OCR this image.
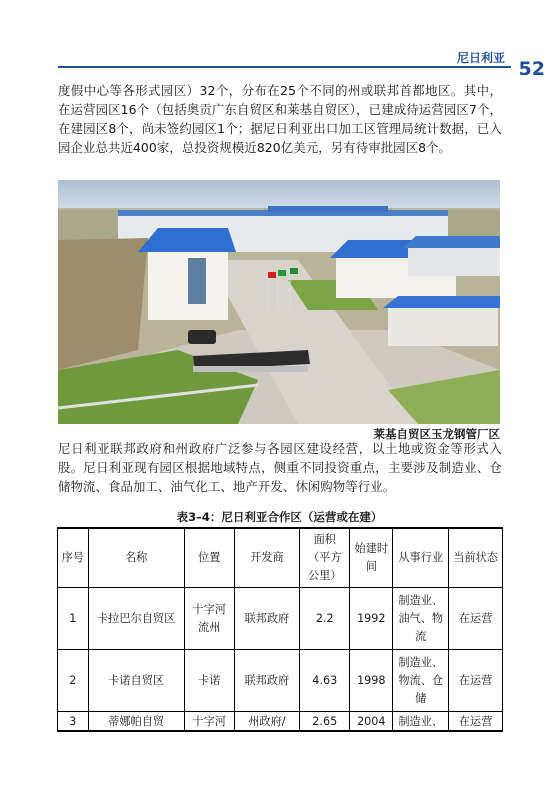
尼日利亚 52

度假中心等各形式园区）32个，分布在25个不同的州或联邦首都地区。其中，在运营园区16个（包括奥贡广东自贸区和莱基自贸区），已建成待运营园区7个，在建园区8个，尚未签约园区1个；据尼日利亚出口加工区管理局统计数据，已入园企业总共近400家，总投资规模近820亿美元，另有待审批园区8个。

莱基自贸区玉龙钢管厂区

尼日利亚联邦政府和州政府广泛参与各园区建设经营，以土地或资金等形式入股。尼日利亚现有园区根据地域特点，侧重不同投资重点，主要涉及制造业、仓储物流、食品加工、油气化工、地产开发、休闲购物等行业。

表3–4：尼日利亚合作区（运营或在建）
序号	名称	位置	开发商	面积（平方公里）	始建时间	从事行业	当前状态
1	卡拉巴尔自贸区	十字河流州	联邦政府	2.2	1992	制造业、油气、物流	在运营
2	卡诺自贸区	卡诺	联邦政府	4.63	1998	制造业、物流、仓储	在运营
3	蒂娜帕自贸	十字河	州政府/	2.65	2004	制造业、	在运营
